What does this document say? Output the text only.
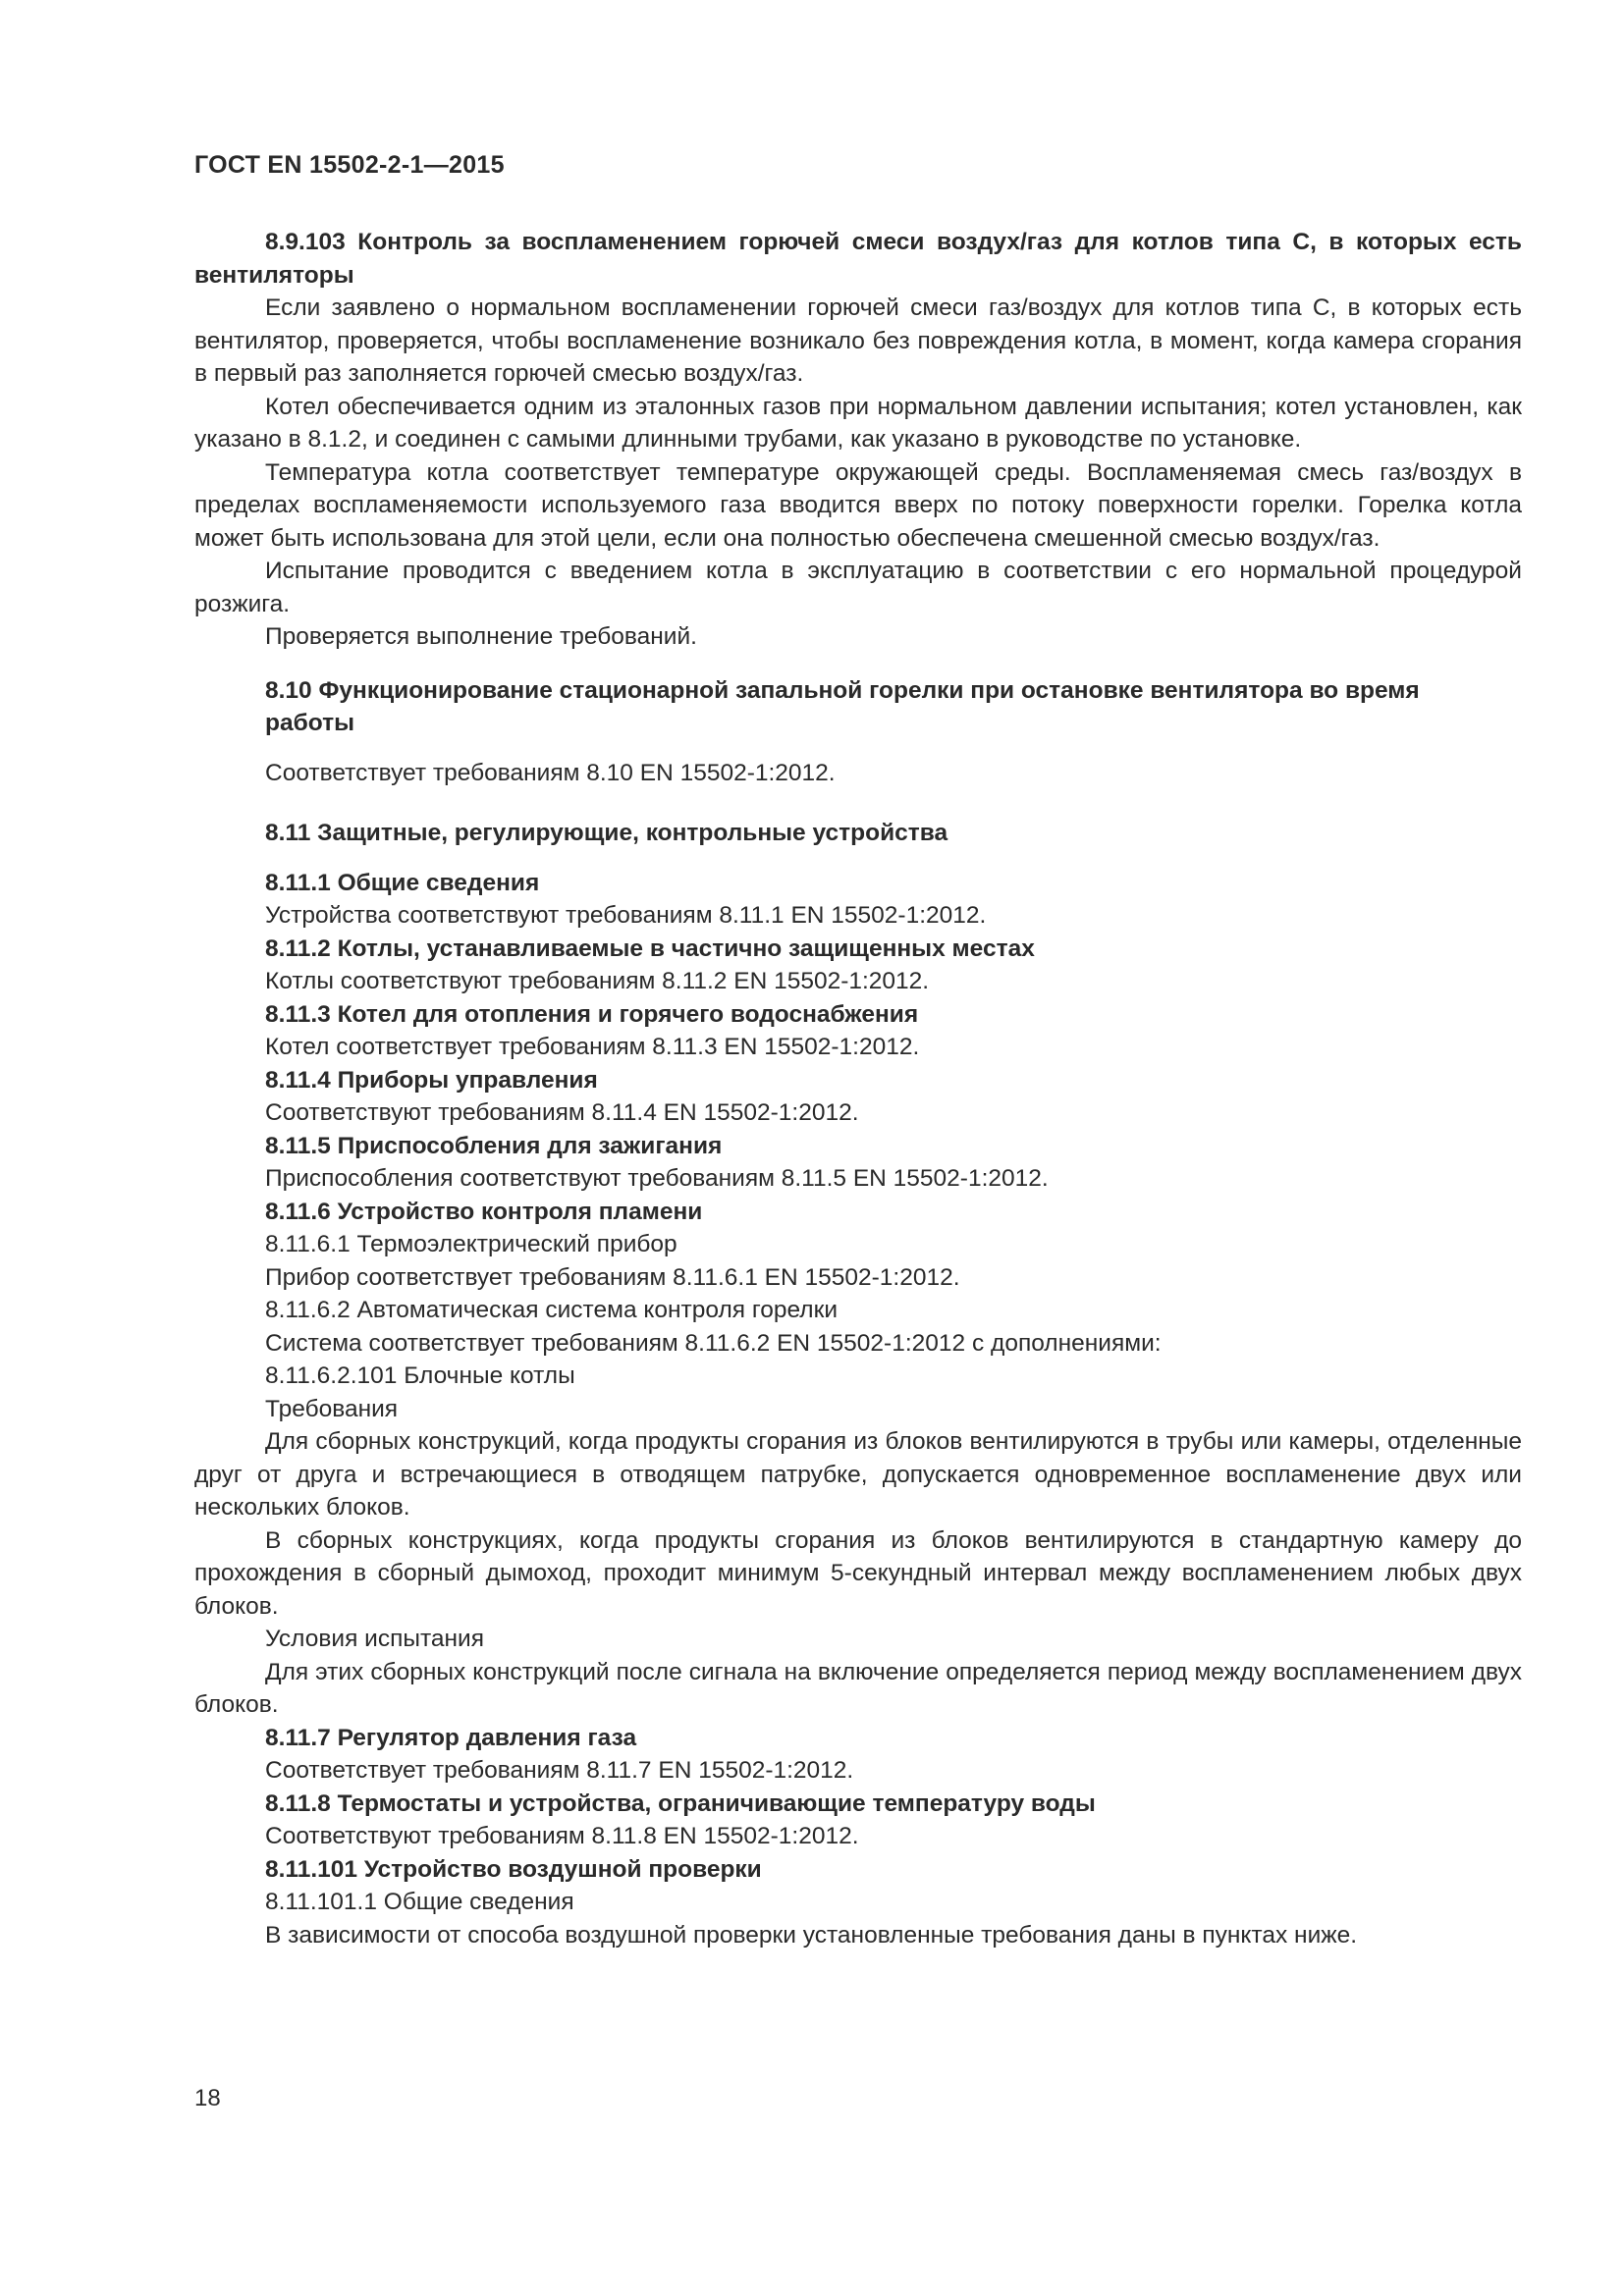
ГОСТ EN 15502-2-1—2015

8.9.103 Контроль за воспламенением горючей смеси воздух/газ для котлов типа С, в которых есть вентиляторы

Если заявлено о нормальном воспламенении горючей смеси газ/воздух для котлов типа С, в которых есть вентилятор, проверяется, чтобы воспламенение возникало без повреждения котла, в момент, когда камера сгорания в первый раз заполняется горючей смесью воздух/газ.

Котел обеспечивается одним из эталонных газов при нормальном давлении испытания; котел установлен, как указано в 8.1.2, и соединен с самыми длинными трубами, как указано в руководстве по установке.

Температура котла соответствует температуре окружающей среды. Воспламеняемая смесь газ/воздух в пределах воспламеняемости используемого газа вводится вверх по потоку поверхности горелки. Горелка котла может быть использована для этой цели, если она полностью обеспечена смешенной смесью воздух/газ.

Испытание проводится с введением котла в эксплуатацию в соответствии с его нормальной процедурой розжига.

Проверяется выполнение требований.

8.10 Функционирование стационарной запальной горелки при остановке вентилятора во время работы

Соответствует требованиям 8.10 EN 15502-1:2012.

8.11 Защитные, регулирующие, контрольные устройства

8.11.1 Общие сведения

Устройства соответствуют требованиям 8.11.1 EN 15502-1:2012.

8.11.2 Котлы, устанавливаемые в частично защищенных местах

Котлы соответствуют требованиям 8.11.2 EN 15502-1:2012.

8.11.3 Котел для отопления и горячего водоснабжения

Котел соответствует требованиям 8.11.3 EN 15502-1:2012.

8.11.4 Приборы управления

Соответствуют требованиям 8.11.4 EN 15502-1:2012.

8.11.5 Приспособления для зажигания

Приспособления соответствуют требованиям 8.11.5 EN 15502-1:2012.

8.11.6 Устройство контроля пламени

8.11.6.1 Термоэлектрический прибор

Прибор соответствует требованиям 8.11.6.1 EN 15502-1:2012.

8.11.6.2 Автоматическая система контроля горелки

Система соответствует требованиям 8.11.6.2 EN 15502-1:2012 с дополнениями:

8.11.6.2.101 Блочные котлы

Требования

Для сборных конструкций, когда продукты сгорания из блоков вентилируются в трубы или камеры, отделенные друг от друга и встречающиеся в отводящем патрубке, допускается одновременное воспламенение двух или нескольких блоков.

В сборных конструкциях, когда продукты сгорания из блоков вентилируются в стандартную камеру до прохождения в сборный дымоход, проходит минимум 5-секундный интервал между воспламенением любых двух блоков.

Условия испытания

Для этих сборных конструкций после сигнала на включение определяется период между воспламенением двух блоков.

8.11.7 Регулятор давления газа

Соответствует требованиям 8.11.7 EN 15502-1:2012.

8.11.8 Термостаты и устройства, ограничивающие температуру воды

Соответствуют требованиям 8.11.8 EN 15502-1:2012.

8.11.101 Устройство воздушной проверки

8.11.101.1 Общие сведения

В зависимости от способа воздушной проверки установленные требования даны в пунктах ниже.

18
